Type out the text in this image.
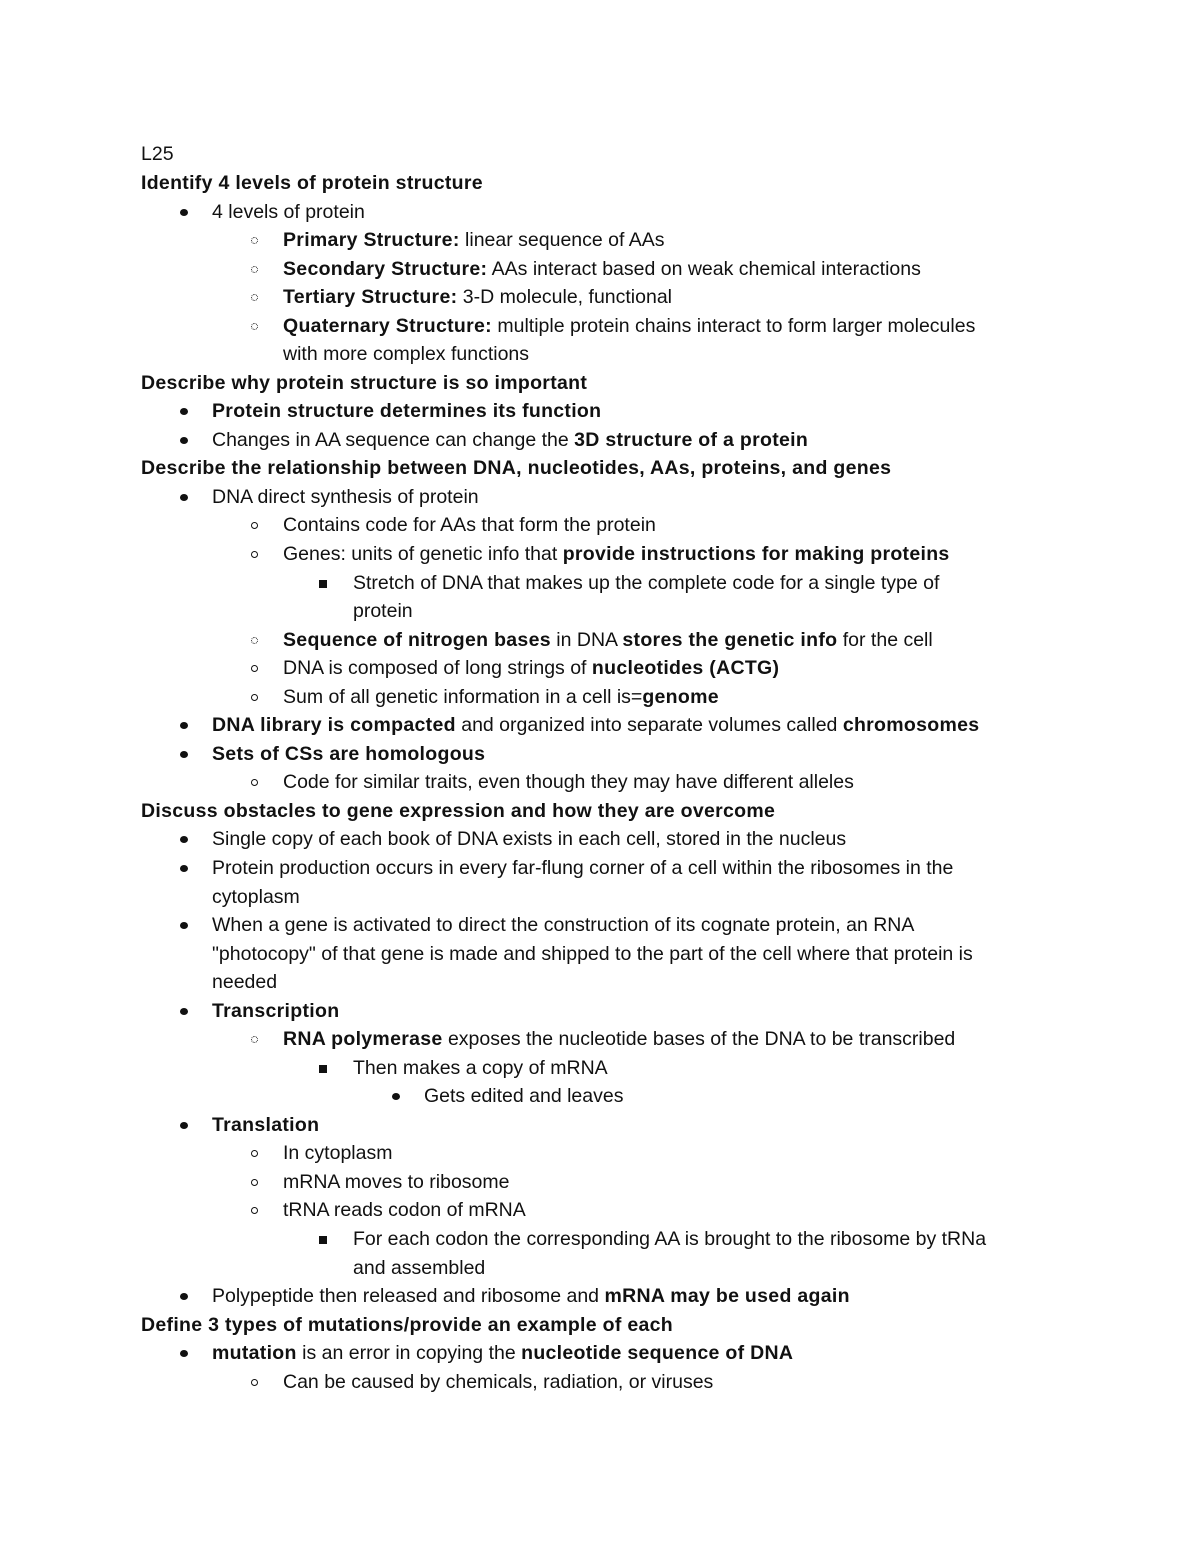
L25
Identify 4 levels of protein structure
4 levels of protein
Primary Structure: linear sequence of AAs
Secondary Structure: AAs interact based on weak chemical interactions
Tertiary Structure: 3-D molecule, functional
Quaternary Structure: multiple protein chains interact to form larger molecules
with more complex functions
Describe why protein structure is so important
Protein structure determines its function
Changes in AA sequence can change the 3D structure of a protein
Describe the relationship between DNA, nucleotides, AAs, proteins, and genes
DNA direct synthesis of protein
Contains code for AAs that form the protein
Genes: units of genetic info that provide instructions for making proteins
Stretch of DNA that makes up the complete code for a single type of
protein
Sequence of nitrogen bases in DNA stores the genetic info for the cell
DNA is composed of long strings of nucleotides (ACTG)
Sum of all genetic information in a cell is=genome
DNA library is compacted and organized into separate volumes called chromosomes
Sets of CSs are homologous
Code for similar traits, even though they may have different alleles
Discuss obstacles to gene expression and how they are overcome
Single copy of each book of DNA exists in each cell, stored in the nucleus
Protein production occurs in every far-flung corner of a cell within the ribosomes in the
cytoplasm
When a gene is activated to direct the construction of its cognate protein, an RNA
"photocopy" of that gene is made and shipped to the part of the cell where that protein is
needed
Transcription
RNA polymerase exposes the nucleotide bases of the DNA to be transcribed
Then makes a copy of mRNA
Gets edited and leaves
Translation
In cytoplasm
mRNA moves to ribosome
tRNA reads codon of mRNA
For each codon the corresponding AA is brought to the ribosome by tRNa
and assembled
Polypeptide then released and ribosome and mRNA may be used again
Define 3 types of mutations/provide an example of each
mutation is an error in copying the nucleotide sequence of DNA
Can be caused by chemicals, radiation, or viruses
